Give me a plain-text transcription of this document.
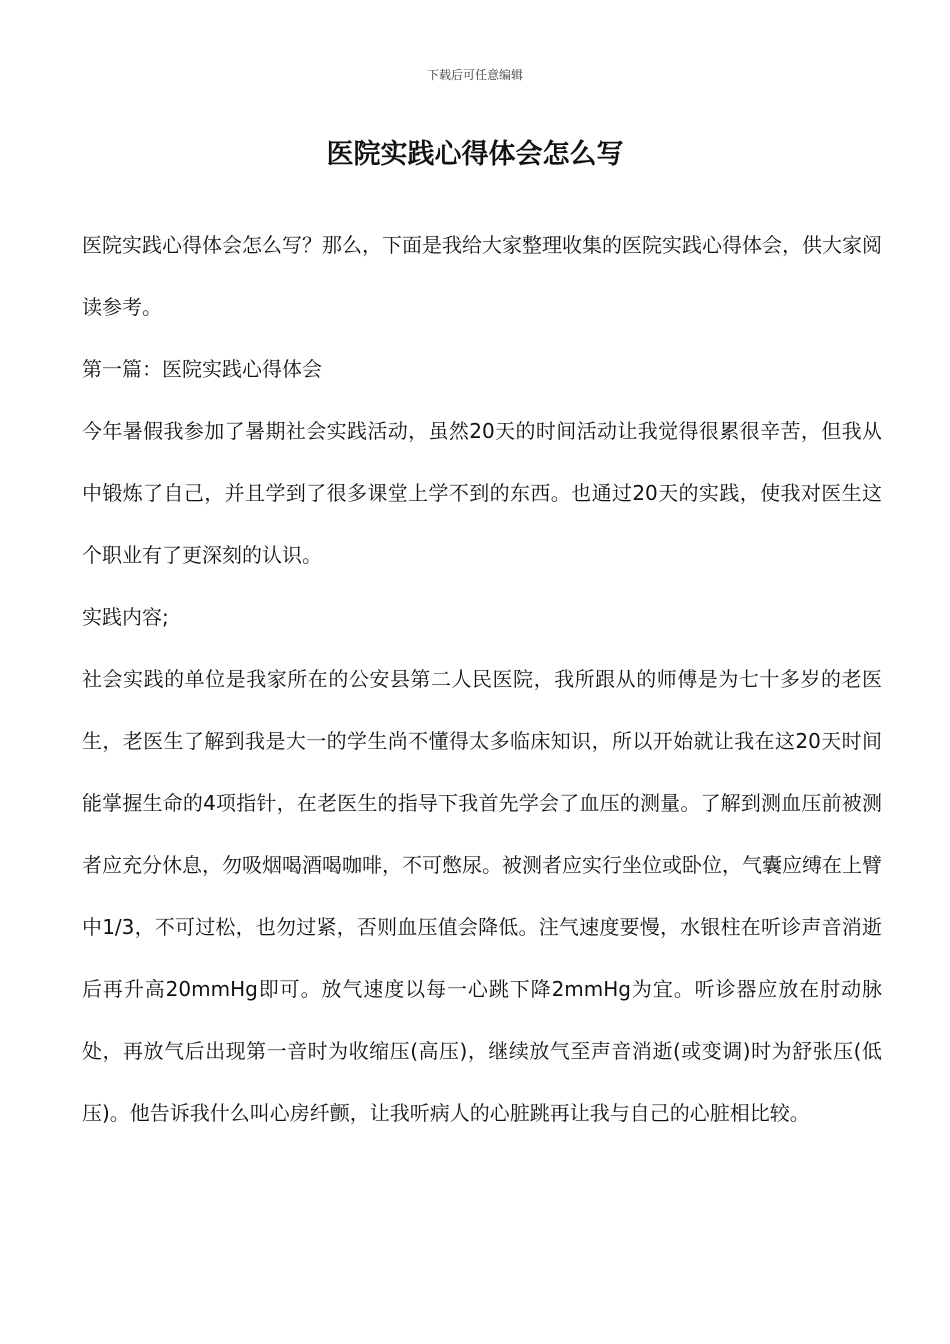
下载后可任意编辑
医院实践心得体会怎么写

医院实践心得体会怎么写？那么，下面是我给大家整理收集的医院实践心得体会，供大家阅读参考。

第一篇：医院实践心得体会

今年暑假我参加了暑期社会实践活动，虽然20天的时间活动让我觉得很累很辛苦，但我从中锻炼了自己，并且学到了很多课堂上学不到的东西。也通过20天的实践，使我对医生这个职业有了更深刻的认识。

实践内容;

社会实践的单位是我家所在的公安县第二人民医院，我所跟从的师傅是为七十多岁的老医生，老医生了解到我是大一的学生尚不懂得太多临床知识，所以开始就让我在这20天时间能掌握生命的4项指针，在老医生的指导下我首先学会了血压的测量。了解到测血压前被测者应充分休息，勿吸烟喝酒喝咖啡，不可憋尿。被测者应实行坐位或卧位，气囊应缚在上臂中1/3，不可过松，也勿过紧，否则血压值会降低。注气速度要慢，水银柱在听诊声音消逝后再升高20mmHg即可。放气速度以每一心跳下降2mmHg为宜。听诊器应放在肘动脉处，再放气后出现第一音时为收缩压(高压)，继续放气至声音消逝(或变调)时为舒张压(低压)。他告诉我什么叫心房纤颤，让我听病人的心脏跳再让我与自己的心脏相比较。
